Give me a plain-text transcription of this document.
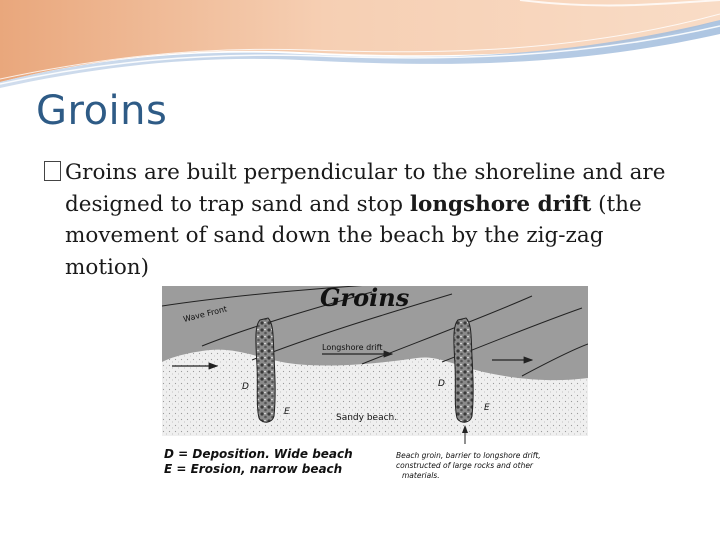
Groins
Groins are built perpendicular to the shoreline and are designed to trap sand and stop longshore drift (the movement of sand down the beach by the zig-zag motion)
Groins
Wave Front
Longshore drift
D
E
D
E
Sandy beach.
D = Deposition. Wide beach
E = Erosion, narrow beach
Beach groin, barrier to longshore drift,
constructed of large rocks and other
materials.
